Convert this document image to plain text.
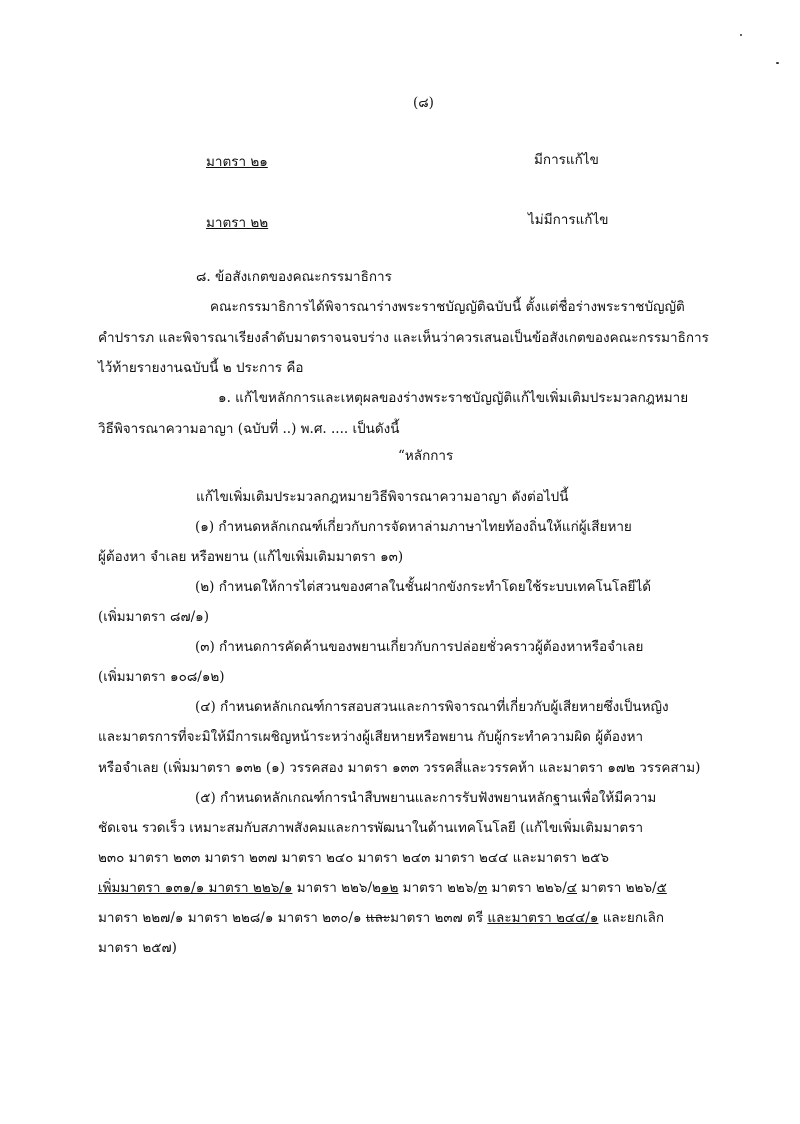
(๘)
มาตรา ๒๑	มีการแก้ไข
มาตรา ๒๒	ไม่มีการแก้ไข
๘. ข้อสังเกตของคณะกรรมาธิการ
คณะกรรมาธิการได้พิจารณาร่างพระราชบัญญัติฉบับนี้ ตั้งแต่ชื่อร่างพระราชบัญญัติ
คำปรารภ และพิจารณาเรียงลำดับมาตราจนจบร่าง และเห็นว่าควรเสนอเป็นข้อสังเกตของคณะกรรมาธิการ
ไว้ท้ายรายงานฉบับนี้ ๒ ประการ คือ
๑. แก้ไขหลักการและเหตุผลของร่างพระราชบัญญัติแก้ไขเพิ่มเติมประมวลกฎหมาย
วิธีพิจารณาความอาญา (ฉบับที่ ..) พ.ศ. .... เป็นดังนี้
“หลักการ
แก้ไขเพิ่มเติมประมวลกฎหมายวิธีพิจารณาความอาญา ดังต่อไปนี้
(๑) กำหนดหลักเกณฑ์เกี่ยวกับการจัดหาล่ามภาษาไทยท้องถิ่นให้แก่ผู้เสียหาย
ผู้ต้องหา จำเลย หรือพยาน (แก้ไขเพิ่มเติมมาตรา ๑๓)
(๒) กำหนดให้การไต่สวนของศาลในชั้นฝากขังกระทำโดยใช้ระบบเทคโนโลยีได้
(เพิ่มมาตรา ๘๗/๑)
(๓) กำหนดการคัดค้านของพยานเกี่ยวกับการปล่อยชั่วคราวผู้ต้องหาหรือจำเลย
(เพิ่มมาตรา ๑๐๘/๑๒)
(๔) กำหนดหลักเกณฑ์การสอบสวนและการพิจารณาที่เกี่ยวกับผู้เสียหายซึ่งเป็นหญิง
และมาตรการที่จะมิให้มีการเผชิญหน้าระหว่างผู้เสียหายหรือพยาน กับผู้กระทำความผิด ผู้ต้องหา
หรือจำเลย (เพิ่มมาตรา ๑๓๒ (๑) วรรคสอง มาตรา ๑๓๓ วรรคสี่และวรรคห้า และมาตรา ๑๗๒ วรรคสาม)
(๕) กำหนดหลักเกณฑ์การนำสืบพยานและการรับฟังพยานหลักฐานเพื่อให้มีความ
ชัดเจน รวดเร็ว เหมาะสมกับสภาพสังคมและการพัฒนาในด้านเทคโนโลยี (แก้ไขเพิ่มเติมมาตรา
๒๓๐ มาตรา ๒๓๓ มาตรา ๒๓๗ มาตรา ๒๔๐ มาตรา ๒๔๓ มาตรา ๒๔๔ และมาตรา ๒๕๖
เพิ่มมาตรา ๑๓๑/๑ มาตรา ๒๒๖/๑ มาตรา ๒๒๖/๒๑๒ มาตรา ๒๒๖/๓ มาตรา ๒๒๖/๔ มาตรา ๒๒๖/๕
มาตรา ๒๒๗/๑ มาตรา ๒๒๘/๑ มาตรา ๒๓๐/๑ และมาตรา ๒๓๗ ตรี และมาตรา ๒๔๔/๑ และยกเลิก
มาตรา ๒๕๗)
